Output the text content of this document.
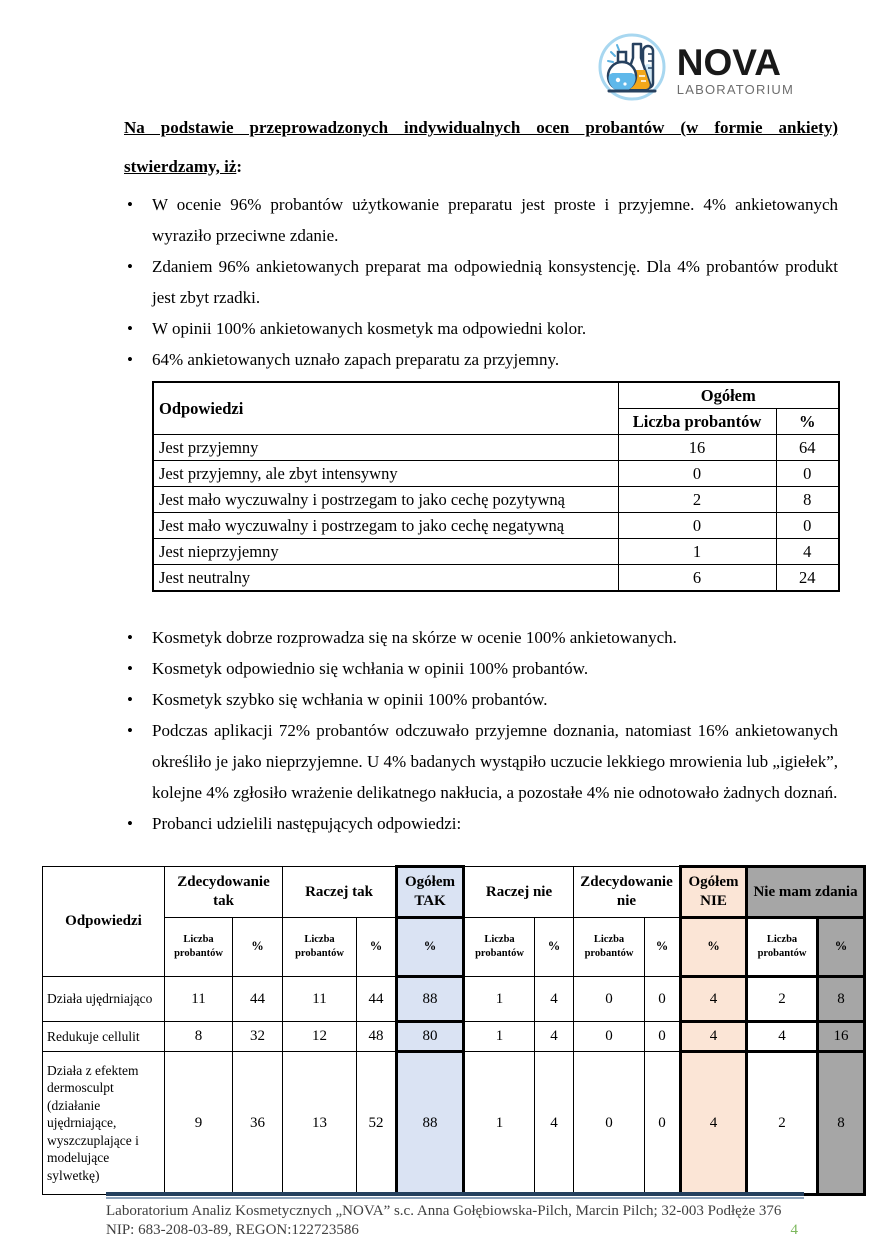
NOVA
LABORATORIUM

Na podstawie przeprowadzonych indywidualnych ocen probantów (w formie ankiety) stwierdzamy, iż:

• W ocenie 96% probantów użytkowanie preparatu jest proste i przyjemne. 4% ankietowanych wyraziło przeciwne zdanie.
• Zdaniem 96% ankietowanych preparat ma odpowiednią konsystencję. Dla 4% probantów produkt jest zbyt rzadki.
• W opinii 100% ankietowanych kosmetyk ma odpowiedni kolor.
• 64% ankietowanych uznało zapach preparatu za przyjemny.
Odpowiedzi	Ogółem	
	Liczba probantów	%
Jest przyjemny	16	64
Jest przyjemny, ale zbyt intensywny	0	0
Jest mało wyczuwalny i postrzegam to jako cechę pozytywną	2	8
Jest mało wyczuwalny i postrzegam to jako cechę negatywną	0	0
Jest nieprzyjemny	1	4
Jest neutralny	6	24
• Kosmetyk dobrze rozprowadza się na skórze w ocenie 100% ankietowanych.
• Kosmetyk odpowiednio się wchłania w opinii 100% probantów.
• Kosmetyk szybko się wchłania w opinii 100% probantów.
• Podczas aplikacji 72% probantów odczuwało przyjemne doznania, natomiast 16% ankietowanych określiło je jako nieprzyjemne. U 4% badanych wystąpiło uczucie lekkiego mrowienia lub „igiełek”, kolejne 4% zgłosiło wrażenie delikatnego nakłucia, a pozostałe 4% nie odnotowało żadnych doznań.
• Probanci udzielili następujących odpowiedzi:
Odpowiedzi	Zdecydowanie tak		Raczej tak		Ogółem TAK	Raczej nie		Zdecydowanie nie		Ogółem NIE	Nie mam zdania	
	Liczba probantów	%	Liczba probantów	%	%	Liczba probantów	%	Liczba probantów	%	%	Liczba probantów	%
Działa ujędrniająco	11	44	11	44	88	1	4	0	0	4	2	8
Redukuje cellulit	8	32	12	48	80	1	4	0	0	4	4	16
Działa z efektem dermosculpt (działanie ujędrniające, wyszczuplające i modelujące sylwetkę)	9	36	13	52	88	1	4	0	0	4	2	8
Laboratorium Analiz Kosmetycznych „NOVA” s.c. Anna Gołębiowska-Pilch, Marcin Pilch; 32-003 Podłęże 376
NIP: 683-208-03-89, REGON:122723586	4
